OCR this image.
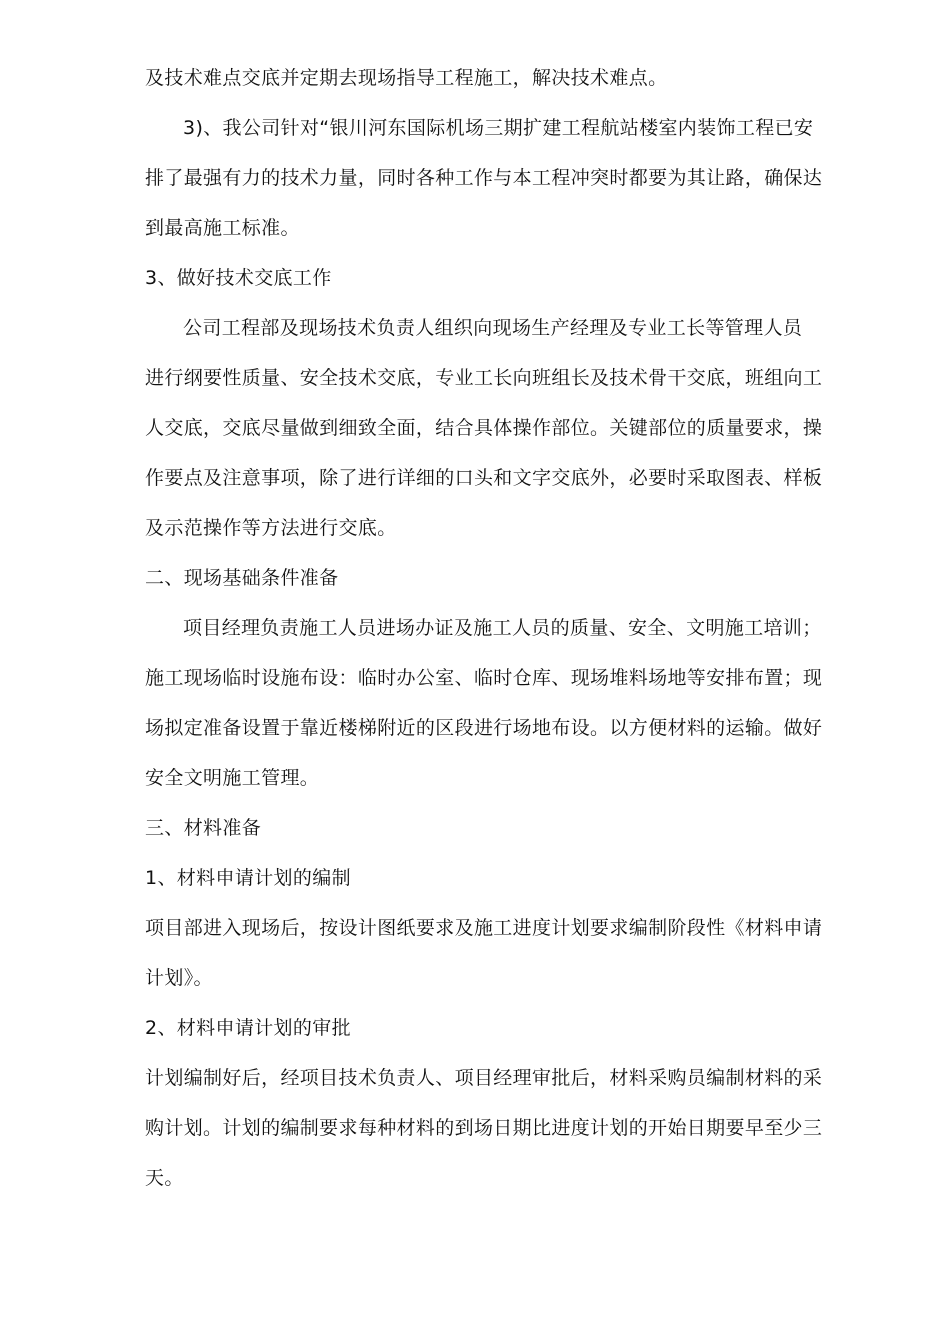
及技术难点交底并定期去现场指导工程施工，解决技术难点。
3)、我公司针对“银川河东国际机场三期扩建工程航站楼室内装饰工程已安
排了最强有力的技术力量，同时各种工作与本工程冲突时都要为其让路，确保达
到最高施工标准。
3、做好技术交底工作
公司工程部及现场技术负责人组织向现场生产经理及专业工长等管理人员
进行纲要性质量、安全技术交底，专业工长向班组长及技术骨干交底，班组向工
人交底，交底尽量做到细致全面，结合具体操作部位。关键部位的质量要求，操
作要点及注意事项，除了进行详细的口头和文字交底外，必要时采取图表、样板
及示范操作等方法进行交底。
二、现场基础条件准备
项目经理负责施工人员进场办证及施工人员的质量、安全、文明施工培训；
施工现场临时设施布设：临时办公室、临时仓库、现场堆料场地等安排布置；现
场拟定准备设置于靠近楼梯附近的区段进行场地布设。以方便材料的运输。做好
安全文明施工管理。
三、材料准备
1、材料申请计划的编制
项目部进入现场后，按设计图纸要求及施工进度计划要求编制阶段性《材料申请
计划》。
2、材料申请计划的审批
计划编制好后，经项目技术负责人、项目经理审批后，材料采购员编制材料的采
购计划。计划的编制要求每种材料的到场日期比进度计划的开始日期要早至少三
天。
